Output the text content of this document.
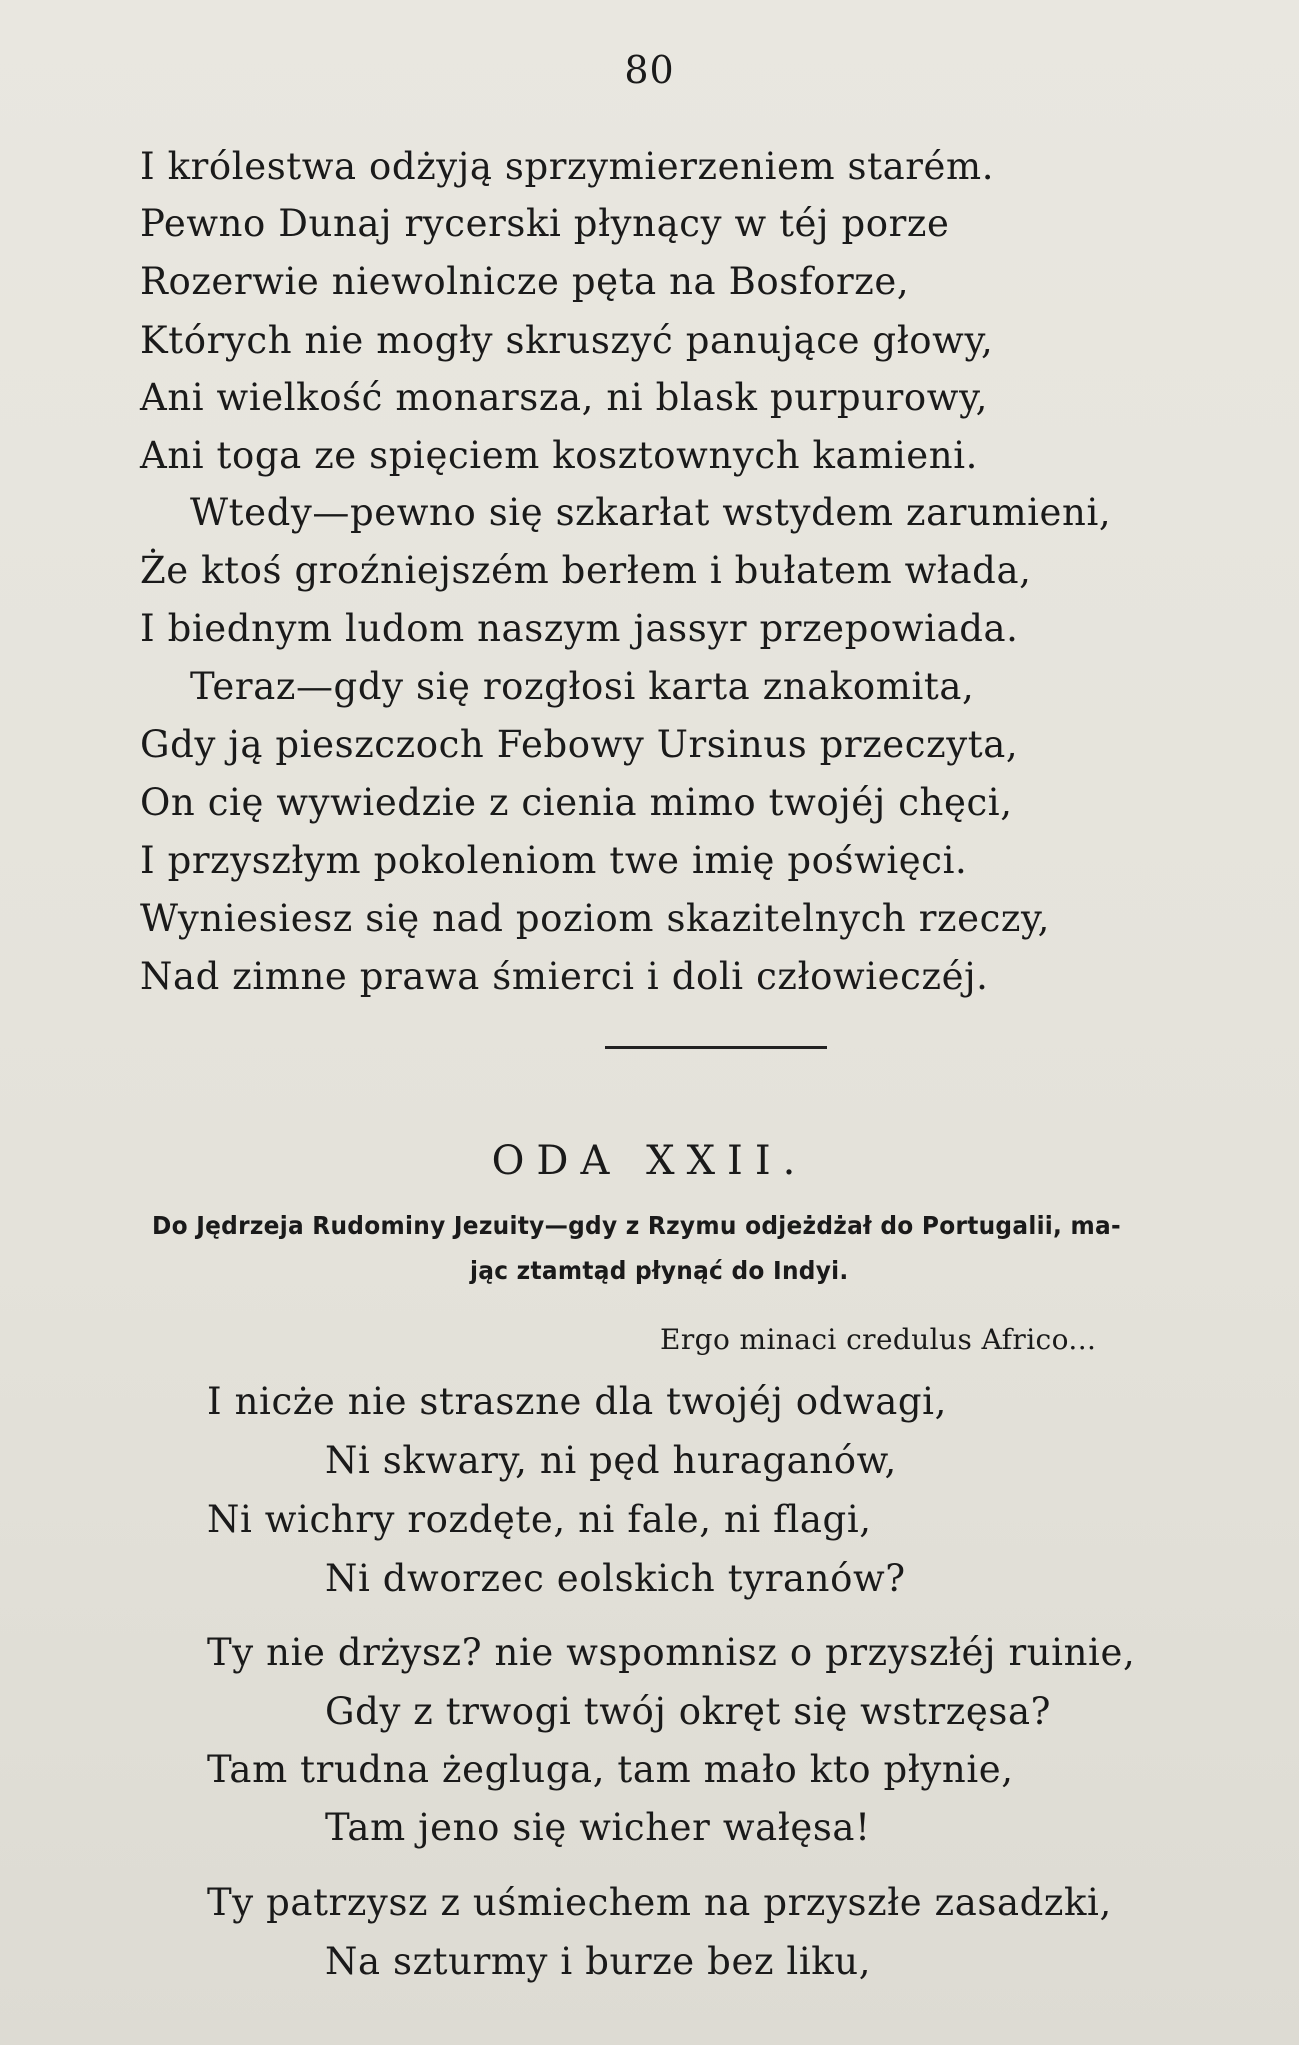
80
I królestwa odżyją sprzymierzeniem starém.
Pewno Dunaj rycerski płynący w téj porze
Rozerwie niewolnicze pęta na Bosforze,
Których nie mogły skruszyć panujące głowy,
Ani wielkość monarsza, ni blask purpurowy,
Ani toga ze spięciem kosztownych kamieni.
Wtedy—pewno się szkarłat wstydem zarumieni,
Że ktoś groźniejszém berłem i bułatem włada,
I biednym ludom naszym jassyr przepowiada.
Teraz—gdy się rozgłosi karta znakomita,
Gdy ją pieszczoch Febowy Ursinus przeczyta,
On cię wywiedzie z cienia mimo twojéj chęci,
I przyszłym pokoleniom twe imię poświęci.
Wyniesiesz się nad poziom skazitelnych rzeczy,
Nad zimne prawa śmierci i doli człowieczéj.
ODA XXII.
Do Jędrzeja Rudominy Jezuity—gdy z Rzymu odjeżdżał do Portugalii, ma-
jąc ztamtąd płynąć do Indyi.
Ergo minaci credulus Africo...
I nicże nie straszne dla twojéj odwagi,
Ni skwary, ni pęd huraganów,
Ni wichry rozdęte, ni fale, ni flagi,
Ni dworzec eolskich tyranów?
Ty nie drżysz? nie wspomnisz o przyszłéj ruinie,
Gdy z trwogi twój okręt się wstrzęsa?
Tam trudna żegluga, tam mało kto płynie,
Tam jeno się wicher wałęsa!
Ty patrzysz z uśmiechem na przyszłe zasadzki,
Na szturmy i burze bez liku,
